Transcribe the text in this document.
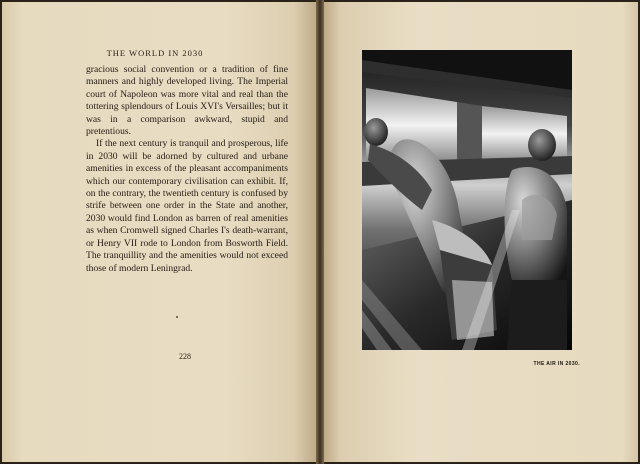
THE WORLD IN 2030

gracious social convention or a tradition of fine manners and highly developed living. The Imperial court of Napoleon was more vital and real than the tottering splendours of Louis XVI's Versailles; but it was in a comparison awkward, stupid and pretentious.

If the next century is tranquil and prosperous, life in 2030 will be adorned by cultured and urbane amenities in excess of the pleasant accompaniments which our contemporary civilisation can exhibit. If, on the contrary, the twentieth century is confused by strife between one order in the State and another, 2030 would find London as barren of real amenities as when Cromwell signed Charles I's death-warrant, or Henry VII rode to London from Bosworth Field. The tranquillity and the amenities would not exceed those of modern Leningrad.

228
THE AIR IN 2030.
